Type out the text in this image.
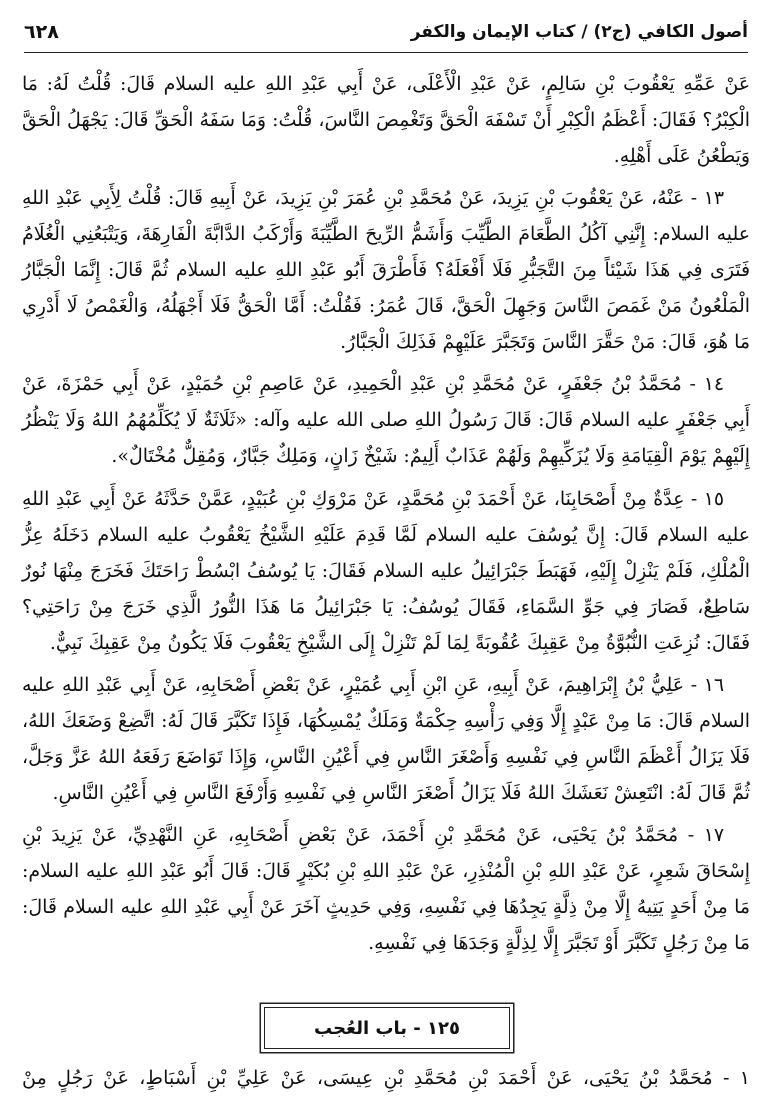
أصول الكافي (ج٢) / كتاب الإيمان والكفر
٦٢٨

عَنْ عَمِّهِ يَعْقُوبَ بْنِ سَالِمٍ، عَنْ عَبْدِ الْأَعْلَى، عَنْ أَبِي عَبْدِ اللهِ عليه السلام قَالَ: قُلْتُ لَهُ: مَا الْكِبْرُ؟ فَقَالَ: أَعْظَمُ الْكِبْرِ أَنْ تَسْفَهَ الْحَقَّ وَتَغْمِصَ النَّاسَ، قُلْتُ: وَمَا سَفَهُ الْحَقِّ قَالَ: يَجْهَلُ الْحَقَّ وَيَطْعُنُ عَلَى أَهْلِهِ.

١٣ - عَنْهُ، عَنْ يَعْقُوبَ بْنِ يَزِيدَ، عَنْ مُحَمَّدِ بْنِ عُمَرَ بْنِ يَزِيدَ، عَنْ أَبِيهِ قَالَ: قُلْتُ لِأَبِي عَبْدِ اللهِ عليه السلام: إِنَّنِي آكُلُ الطَّعَامَ الطَّيِّبَ وَأَشَمُّ الرِّيحَ الطَّيِّبَةَ وَأَرْكَبُ الدَّابَّةَ الْفَارِهَةَ، وَيَتْبَعُنِي الْغُلَامُ فَتَرَى فِي هَذَا شَيْئاً مِنَ التَّجَبُّرِ فَلَا أَفْعَلَهُ؟ فَأَطْرَقَ أَبُو عَبْدِ اللهِ عليه السلام ثُمَّ قَالَ: إِنَّمَا الْجَبَّارُ الْمَلْعُونُ مَنْ غَمَصَ النَّاسَ وَجَهِلَ الْحَقَّ، قَالَ عُمَرُ: فَقُلْتُ: أَمَّا الْحَقُّ فَلَا أَجْهَلُهُ، وَالْغَمْصُ لَا أَدْرِي مَا هُوَ، قَالَ: مَنْ حَقَّرَ النَّاسَ وَتَجَبَّرَ عَلَيْهِمْ فَذَلِكَ الْجَبَّارُ.

١٤ - مُحَمَّدُ بْنُ جَعْفَرٍ، عَنْ مُحَمَّدِ بْنِ عَبْدِ الْحَمِيدِ، عَنْ عَاصِمِ بْنِ حُمَيْدٍ، عَنْ أَبِي حَمْزَةَ، عَنْ أَبِي جَعْفَرٍ عليه السلام قَالَ: قَالَ رَسُولُ اللهِ صلى الله عليه وآله: «ثَلَاثَةٌ لَا يُكَلِّمُهُمُ اللهُ وَلَا يَنْظُرُ إِلَيْهِمْ يَوْمَ الْقِيَامَةِ وَلَا يُزَكِّيهِمْ وَلَهُمْ عَذَابٌ أَلِيمٌ: شَيْخٌ زَانٍ، وَمَلِكٌ جَبَّارٌ، وَمُقِلٌّ مُخْتَالٌ».

١٥ - عِدَّةٌ مِنْ أَصْحَابِنَا، عَنْ أَحْمَدَ بْنِ مُحَمَّدٍ، عَنْ مَرْوَكِ بْنِ عُبَيْدٍ، عَمَّنْ حَدَّثَهُ عَنْ أَبِي عَبْدِ اللهِ عليه السلام قَالَ: إِنَّ يُوسُفَ عليه السلام لَمَّا قَدِمَ عَلَيْهِ الشَّيْخُ يَعْقُوبُ عليه السلام دَخَلَهُ عِزُّ الْمُلْكِ، فَلَمْ يَنْزِلْ إِلَيْهِ، فَهَبَطَ جَبْرَائِيلُ عليه السلام فَقَالَ: يَا يُوسُفُ ابْسُطْ رَاحَتَكَ فَخَرَجَ مِنْهَا نُورٌ سَاطِعٌ، فَصَارَ فِي جَوِّ السَّمَاءِ، فَقَالَ يُوسُفُ: يَا جَبْرَائِيلُ مَا هَذَا النُّورُ الَّذِي خَرَجَ مِنْ رَاحَتِي؟ فَقَالَ: نُزِعَتِ النُّبُوَّةُ مِنْ عَقِبِكَ عُقُوبَةً لِمَا لَمْ تَنْزِلْ إِلَى الشَّيْخِ يَعْقُوبَ فَلَا يَكُونُ مِنْ عَقِبِكَ نَبِيٌّ.

١٦ - عَلِيُّ بْنُ إِبْرَاهِيمَ، عَنْ أَبِيهِ، عَنِ ابْنِ أَبِي عُمَيْرٍ، عَنْ بَعْضِ أَصْحَابِهِ، عَنْ أَبِي عَبْدِ اللهِ عليه السلام قَالَ: مَا مِنْ عَبْدٍ إِلَّا وَفِي رَأْسِهِ حِكْمَةٌ وَمَلَكٌ يُمْسِكُهَا، فَإِذَا تَكَبَّرَ قَالَ لَهُ: اتَّضِعْ وَضَعَكَ اللهُ، فَلَا يَزَالُ أَعْظَمَ النَّاسِ فِي نَفْسِهِ وَأَصْغَرَ النَّاسِ فِي أَعْيُنِ النَّاسِ، وَإِذَا تَوَاضَعَ رَفَعَهُ اللهُ عَزَّ وَجَلَّ، ثُمَّ قَالَ لَهُ: انْتَعِشْ نَعَشَكَ اللهُ فَلَا يَزَالُ أَصْغَرَ النَّاسِ فِي نَفْسِهِ وَأَرْفَعَ النَّاسِ فِي أَعْيُنِ النَّاسِ.

١٧ - مُحَمَّدُ بْنُ يَحْيَى، عَنْ مُحَمَّدِ بْنِ أَحْمَدَ، عَنْ بَعْضِ أَصْحَابِهِ، عَنِ النَّهْدِيِّ، عَنْ يَزِيدَ بْنِ إِسْحَاقَ شَعِرٍ، عَنْ عَبْدِ اللهِ بْنِ الْمُنْذِرِ، عَنْ عَبْدِ اللهِ بْنِ بُكَيْرٍ قَالَ: قَالَ أَبُو عَبْدِ اللهِ عليه السلام: مَا مِنْ أَحَدٍ يَتِيهُ إِلَّا مِنْ ذِلَّةٍ يَجِدُهَا فِي نَفْسِهِ، وَفِي حَدِيثٍ آخَرَ عَنْ أَبِي عَبْدِ اللهِ عليه السلام قَالَ: مَا مِنْ رَجُلٍ تَكَبَّرَ أَوْ تَجَبَّرَ إِلَّا لِذِلَّةٍ وَجَدَهَا فِي نَفْسِهِ.

١٢٥ - باب العُجب
١ - مُحَمَّدُ بْنُ يَحْيَى، عَنْ أَحْمَدَ بْنِ مُحَمَّدِ بْنِ عِيسَى، عَنْ عَلِيِّ بْنِ أَسْبَاطٍ، عَنْ رَجُلٍ مِنْ
